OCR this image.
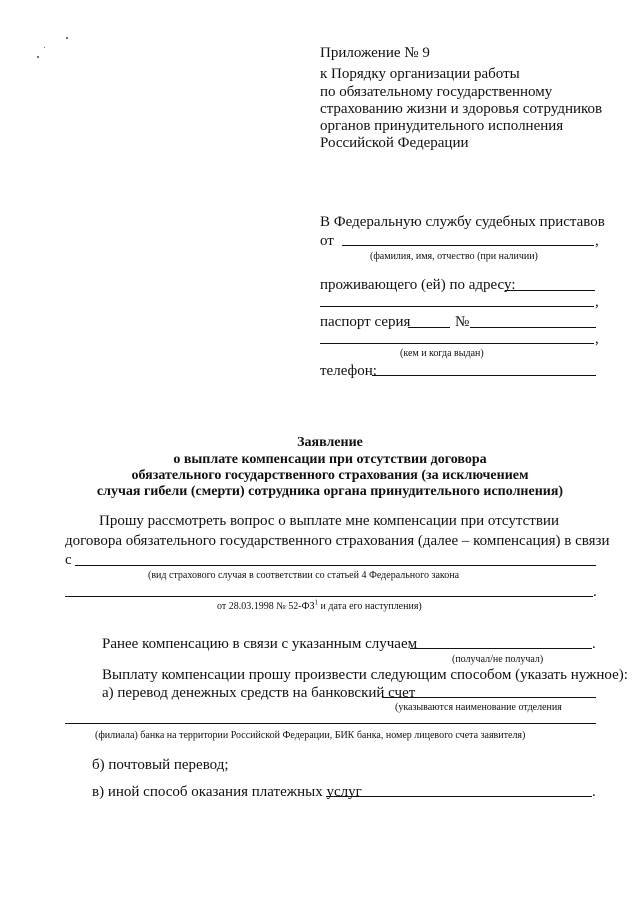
Приложение № 9
к Порядку организации работы
по обязательному государственному
страхованию жизни и здоровья сотрудников
органов принудительного исполнения
Российской Федерации
В Федеральную службу судебных приставов
от	,
(фамилия, имя, отчество (при наличии)
проживающего (ей) по адресу:
,
паспорт серия	№
,
(кем и когда выдан)
телефон:
Заявление
о выплате компенсации при отсутствии договора
обязательного государственного страхования (за исключением
случая гибели (смерти) сотрудника органа принудительного исполнения)
Прошу рассмотреть вопрос о выплате мне компенсации при отсутствии
договора обязательного государственного страхования (далее – компенсация) в связи
с
(вид страхового случая в соответствии со статьей 4 Федерального закона
.
от 28.03.1998 № $52-ФЗ^1$ и дата его наступления)
Ранее компенсацию в связи с указанным случаем	.
(получал/не получал)
Выплату компенсации прошу произвести следующим способом (указать нужное):
а) перевод денежных средств на банковский счет
(указываются наименование отделения
(филиала) банка на территории Российской Федерации, БИК банка, номер лицевого счета заявителя)
б) почтовый перевод;
в) иной способ оказания платежных услуг	.
